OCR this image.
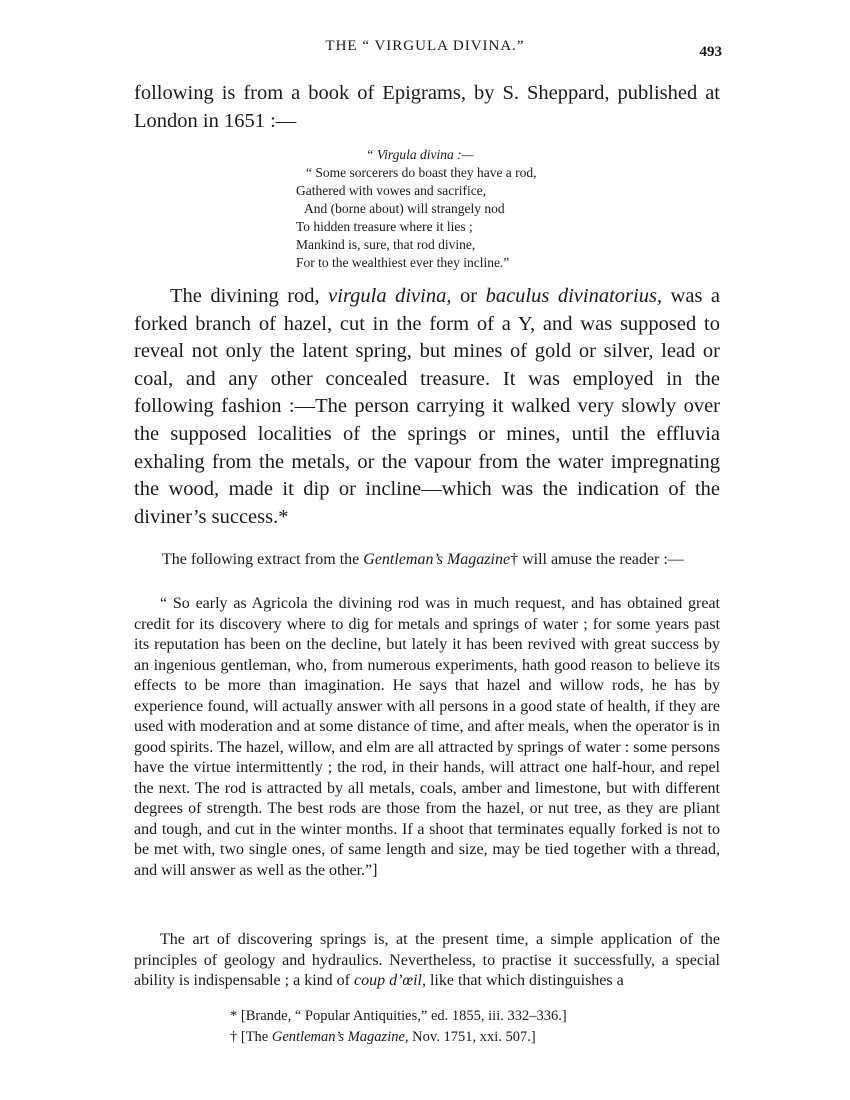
THE “ VIRGULA DIVINA.”	493

following is from a book of Epigrams, by S. Sheppard, published at London in 1651 :—

“ Virgula divina :—
“ Some sorcerers do boast they have a rod,
Gathered with vowes and sacrifice,
And (borne about) will strangely nod
To hidden treasure where it lies ;
Mankind is, sure, that rod divine,
For to the wealthiest ever they incline.”

The divining rod, virgula divina, or baculus divinatorius, was a forked branch of hazel, cut in the form of a Y, and was supposed to reveal not only the latent spring, but mines of gold or silver, lead or coal, and any other concealed treasure. It was employed in the following fashion :—The person carrying it walked very slowly over the supposed localities of the springs or mines, until the effluvia exhaling from the metals, or the vapour from the water impregnating the wood, made it dip or incline—which was the indication of the diviner’s success.*

The following extract from the Gentleman’s Magazine† will amuse the reader :—

“ So early as Agricola the divining rod was in much request, and has obtained great credit for its discovery where to dig for metals and springs of water ; for some years past its reputation has been on the decline, but lately it has been revived with great success by an ingenious gentleman, who, from numerous experiments, hath good reason to believe its effects to be more than imagination. He says that hazel and willow rods, he has by experience found, will actually answer with all persons in a good state of health, if they are used with moderation and at some distance of time, and after meals, when the operator is in good spirits. The hazel, willow, and elm are all attracted by springs of water : some persons have the virtue intermittently ; the rod, in their hands, will attract one half-hour, and repel the next. The rod is attracted by all metals, coals, amber and limestone, but with different degrees of strength. The best rods are those from the hazel, or nut tree, as they are pliant and tough, and cut in the winter months. If a shoot that terminates equally forked is not to be met with, two single ones, of same length and size, may be tied together with a thread, and will answer as well as the other.”]

The art of discovering springs is, at the present time, a simple application of the principles of geology and hydraulics. Nevertheless, to practise it successfully, a special ability is indispensable ; a kind of coup d’œil, like that which distinguishes a

* [Brande, “ Popular Antiquities,” ed. 1855, iii. 332–336.]
† [The Gentleman’s Magazine, Nov. 1751, xxi. 507.]
